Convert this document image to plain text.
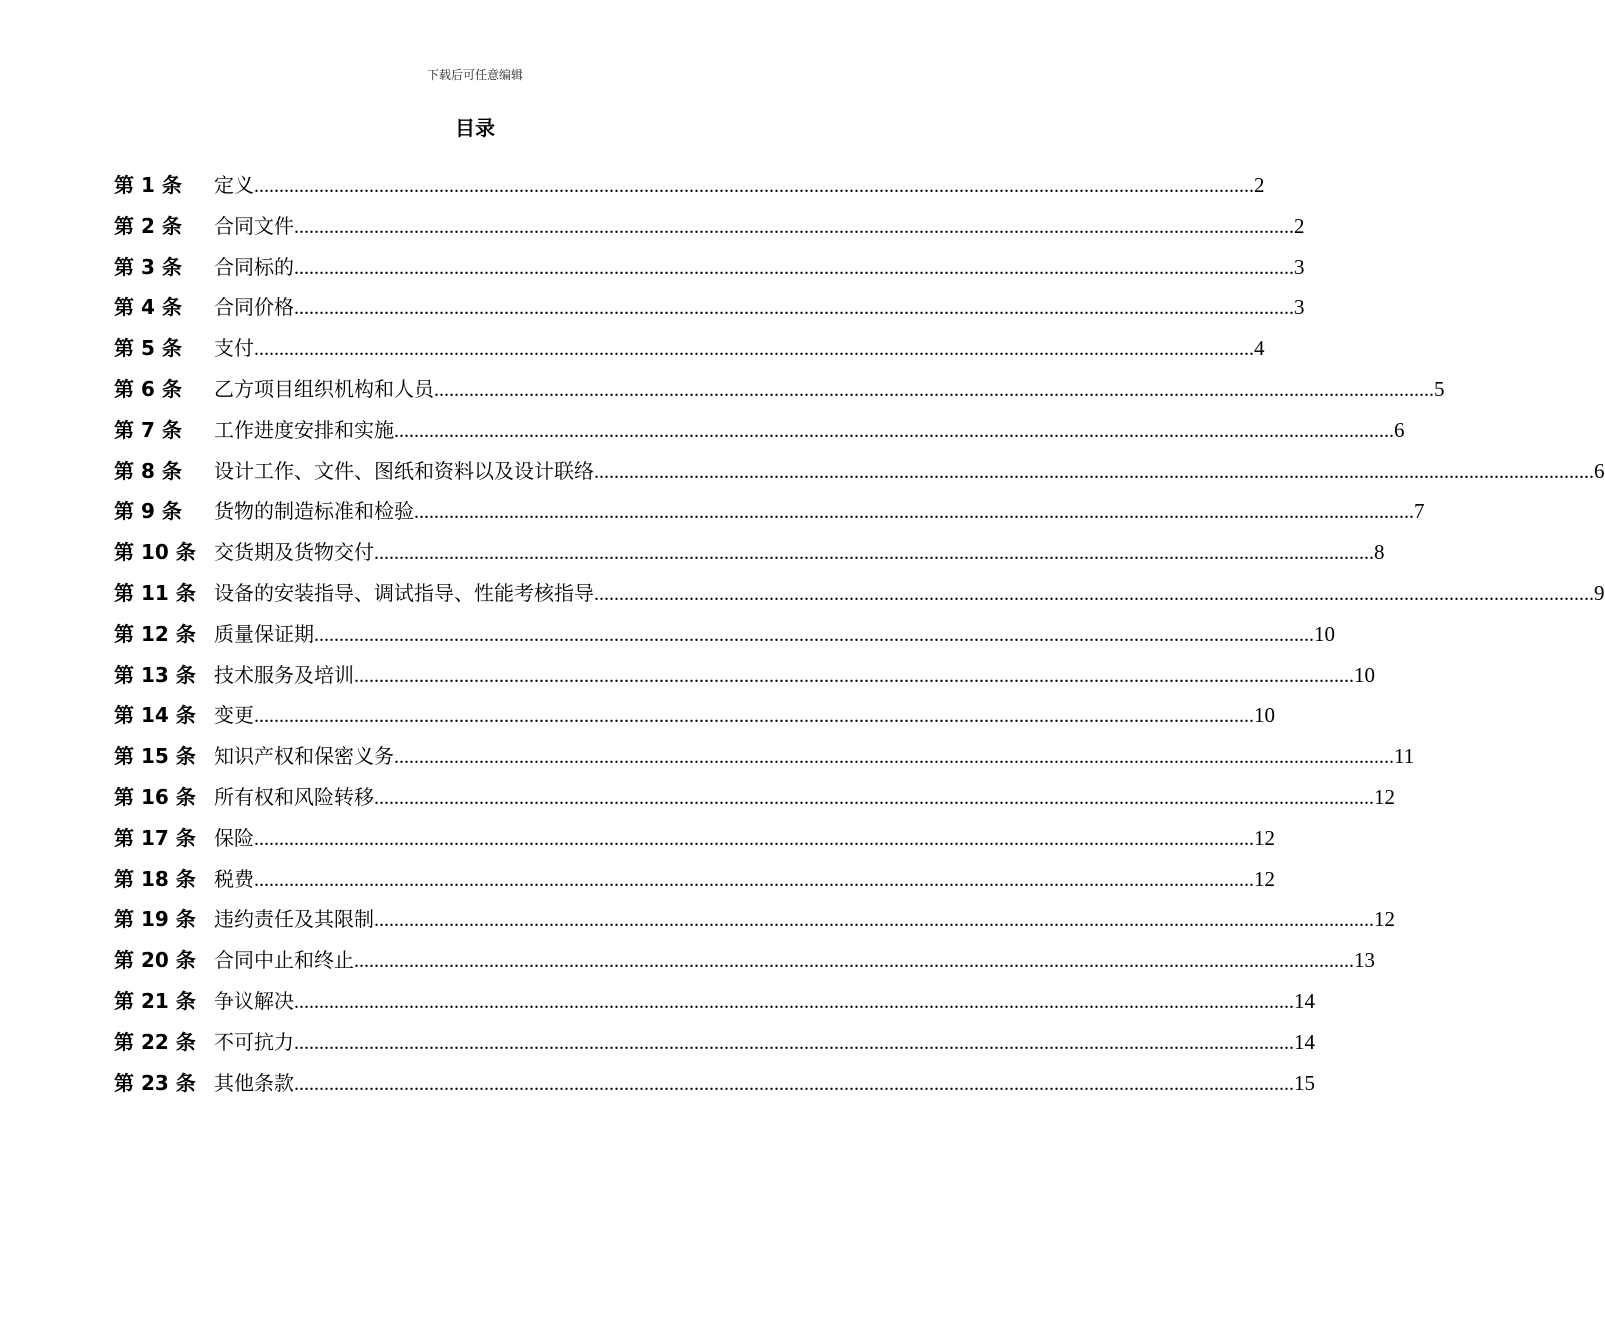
下载后可任意编辑
目录
第 1 条	定义 ........................................................................................................................................................................................................ 2
第 2 条	合同文件 ........................................................................................................................................................................................................ 2
第 3 条	合同标的 ........................................................................................................................................................................................................ 3
第 4 条	合同价格 ........................................................................................................................................................................................................ 3
第 5 条	支付 ........................................................................................................................................................................................................ 4
第 6 条	乙方项目组织机构和人员 ........................................................................................................................................................................................................ 5
第 7 条	工作进度安排和实施 ........................................................................................................................................................................................................ 6
第 8 条	设计工作、文件、图纸和资料以及设计联络 ........................................................................................................................................................................................................ 6
第 9 条	货物的制造标准和检验 ........................................................................................................................................................................................................ 7
第 10 条 交货期及货物交付 ........................................................................................................................................................................................................ 8
第 11 条 设备的安装指导、调试指导、性能考核指导 ........................................................................................................................................................................................................ 9
第 12 条 质量保证期 ........................................................................................................................................................................................................ 10
第 13 条 技术服务及培训 ........................................................................................................................................................................................................ 10
第 14 条 变更 ........................................................................................................................................................................................................ 10
第 15 条 知识产权和保密义务 ........................................................................................................................................................................................................ 11
第 16 条 所有权和风险转移 ........................................................................................................................................................................................................ 12
第 17 条 保险 ........................................................................................................................................................................................................ 12
第 18 条 税费 ........................................................................................................................................................................................................ 12
第 19 条 违约责任及其限制 ........................................................................................................................................................................................................ 12
第 20 条 合同中止和终止 ........................................................................................................................................................................................................ 13
第 21 条 争议解决 ........................................................................................................................................................................................................ 14
第 22 条 不可抗力 ........................................................................................................................................................................................................ 14
第 23 条 其他条款 ........................................................................................................................................................................................................ 15
